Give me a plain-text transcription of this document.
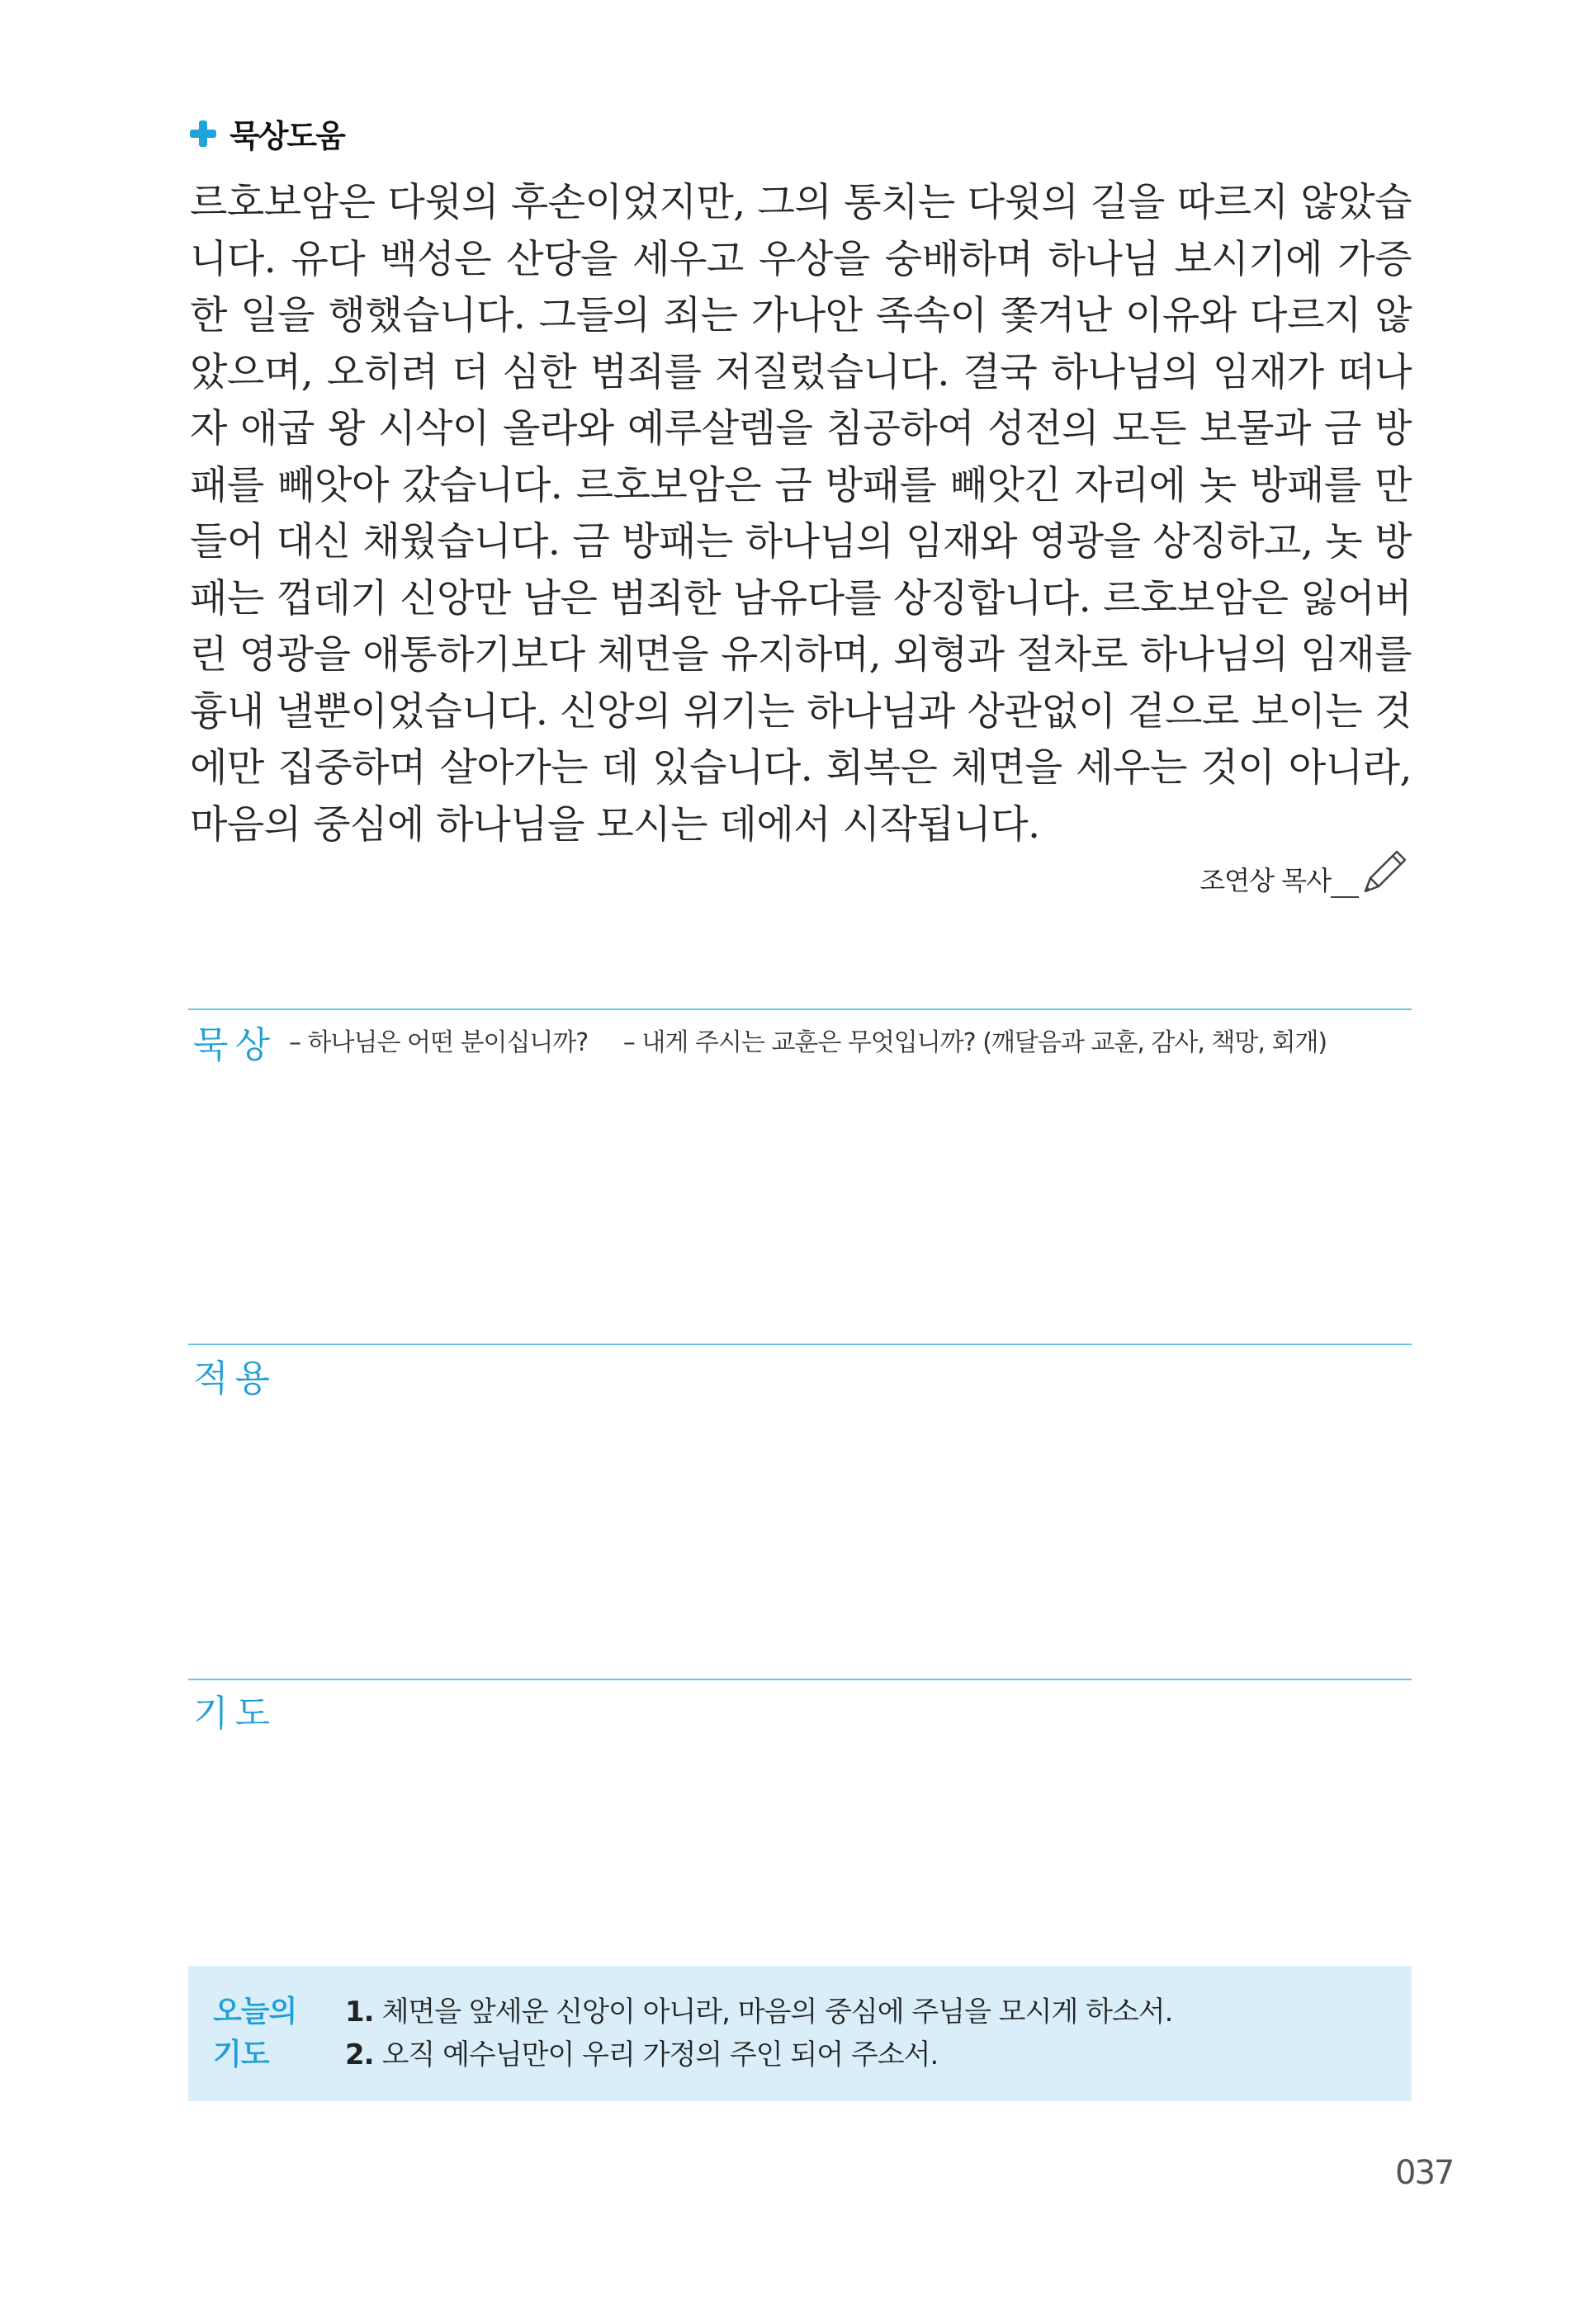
묵상도움

르호보암은 다윗의 후손이었지만, 그의 통치는 다윗의 길을 따르지 않았습니다. 유다 백성은 산당을 세우고 우상을 숭배하며 하나님 보시기에 가증한 일을 행했습니다. 그들의 죄는 가나안 족속이 쫓겨난 이유와 다르지 않았으며, 오히려 더 심한 범죄를 저질렀습니다. 결국 하나님의 임재가 떠나자 애굽 왕 시삭이 올라와 예루살렘을 침공하여 성전의 모든 보물과 금 방패를 빼앗아 갔습니다. 르호보암은 금 방패를 빼앗긴 자리에 놋 방패를 만들어 대신 채웠습니다. 금 방패는 하나님의 임재와 영광을 상징하고, 놋 방패는 껍데기 신앙만 남은 범죄한 남유다를 상징합니다. 르호보암은 잃어버린 영광을 애통하기보다 체면을 유지하며, 외형과 절차로 하나님의 임재를 흉내 낼뿐이었습니다. 신앙의 위기는 하나님과 상관없이 겉으로 보이는 것에만 집중하며 살아가는 데 있습니다. 회복은 체면을 세우는 것이 아니라, 마음의 중심에 하나님을 모시는 데에서 시작됩니다.

조연상 목사
묵상 – 하나님은 어떤 분이십니까? – 내게 주시는 교훈은 무엇입니까? (깨달음과 교훈, 감사, 책망, 회개)
적용
기도
오늘의
기도
1. 체면을 앞세운 신앙이 아니라, 마음의 중심에 주님을 모시게 하소서.
2. 오직 예수님만이 우리 가정의 주인 되어 주소서.
037
